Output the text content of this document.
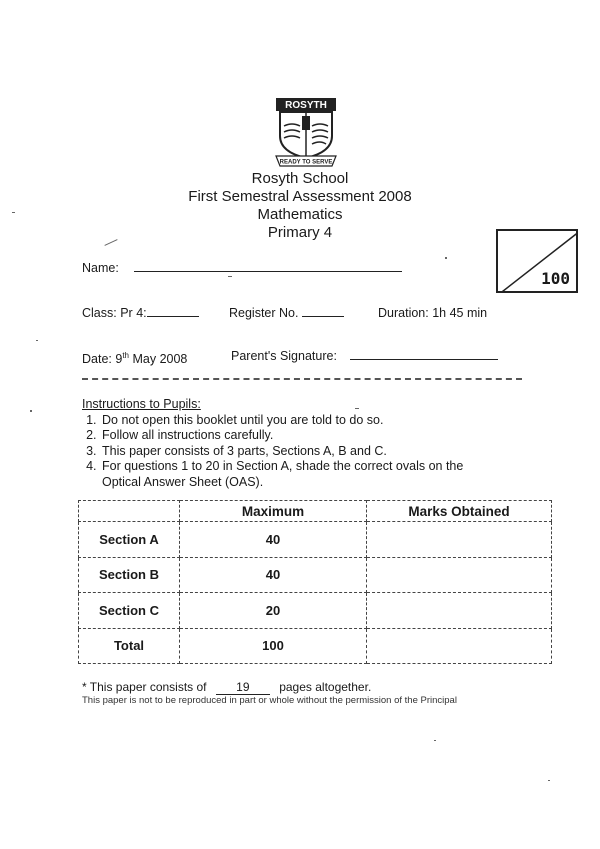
ROSYTH
READY TO SERVE
Rosyth School
First Semestral Assessment 2008
Mathematics
Primary 4
100
Name:
Class: Pr 4:	Register No.	Duration: 1h 45 min
Date: 9th May 2008	Parent's Signature:
Instructions to Pupils:
1. Do not open this booklet until you are told to do so.
2. Follow all instructions carefully.
3. This paper consists of 3 parts, Sections A, B and C.
4. For questions 1 to 20 in Section A, shade the correct ovals on the Optical Answer Sheet (OAS).
	Maximum	Marks Obtained
Section A	40	
Section B	40	
Section C	20	
Total	100	
* This paper consists of 19 pages altogether.
This paper is not to be reproduced in part or whole without the permission of the Principal
